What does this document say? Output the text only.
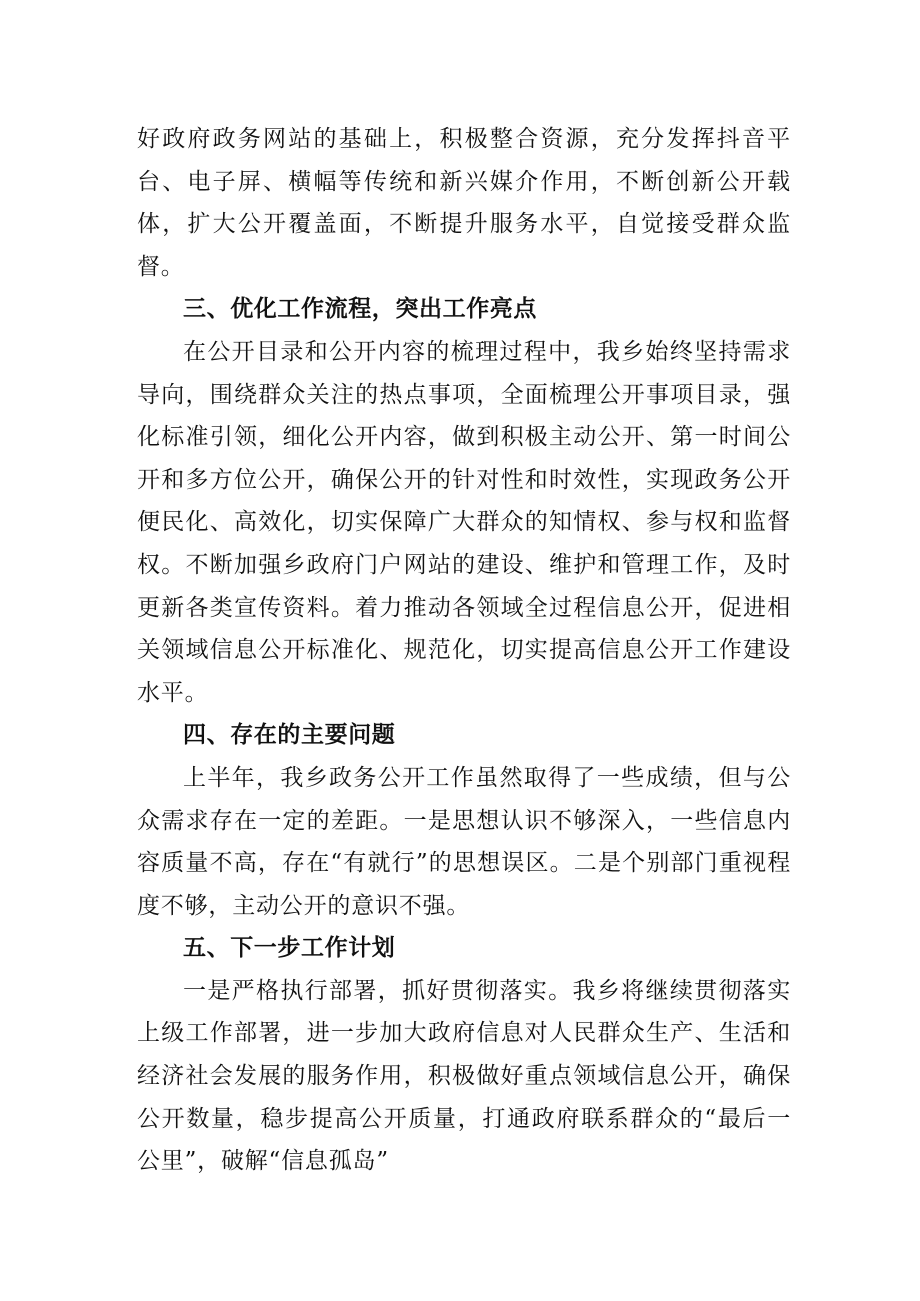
好政府政务网站的基础上，积极整合资源，充分发挥抖音平台、电子屏、横幅等传统和新兴媒介作用，不断创新公开载体，扩大公开覆盖面，不断提升服务水平，自觉接受群众监督。

三、优化工作流程，突出工作亮点

在公开目录和公开内容的梳理过程中，我乡始终坚持需求导向，围绕群众关注的热点事项，全面梳理公开事项目录，强化标准引领，细化公开内容，做到积极主动公开、第一时间公开和多方位公开，确保公开的针对性和时效性，实现政务公开便民化、高效化，切实保障广大群众的知情权、参与权和监督权。不断加强乡政府门户网站的建设、维护和管理工作，及时更新各类宣传资料。着力推动各领域全过程信息公开，促进相关领域信息公开标准化、规范化，切实提高信息公开工作建设水平。

四、存在的主要问题

上半年，我乡政务公开工作虽然取得了一些成绩，但与公众需求存在一定的差距。一是思想认识不够深入，一些信息内容质量不高，存在“有就行”的思想误区。二是个别部门重视程度不够，主动公开的意识不强。

五、下一步工作计划

一是严格执行部署，抓好贯彻落实。我乡将继续贯彻落实上级工作部署，进一步加大政府信息对人民群众生产、生活和经济社会发展的服务作用，积极做好重点领域信息公开，确保公开数量，稳步提高公开质量，打通政府联系群众的“最后一公里”，破解“信息孤岛”
